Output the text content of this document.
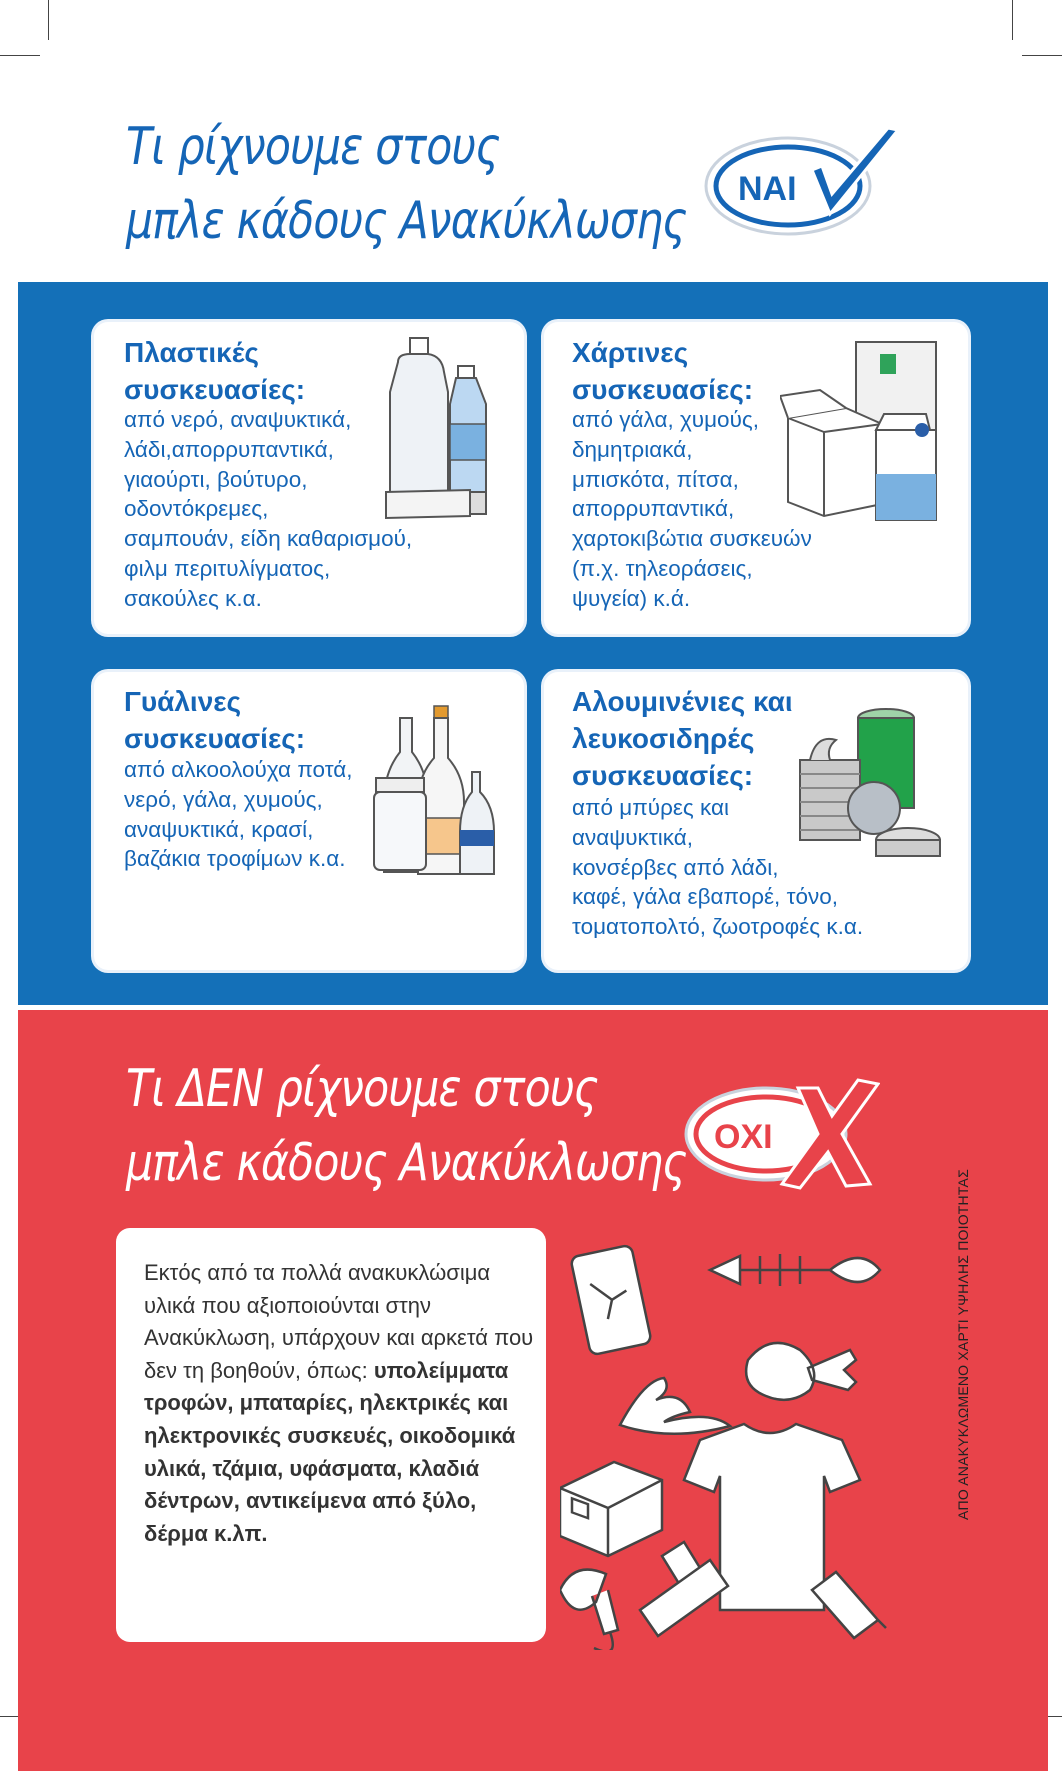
Τι ρίχνουμε στους
μπλε κάδους Ανακύκλωσης
ΝΑΙ
Πλαστικές
συσκευασίες:
από νερό, αναψυκτικά,
λάδι,απορρυπαντικά,
γιαούρτι, βούτυρο,
οδοντόκρεμες,
σαμπουάν, είδη καθαρισμού,
φιλμ περιτυλίγματος,
σακούλες κ.α.
Χάρτινες
συσκευασίες:
από γάλα, χυμούς,
δημητριακά,
μπισκότα, πίτσα,
απορρυπαντικά,
χαρτοκιβώτια συσκευών
(π.χ. τηλεοράσεις,
ψυγεία) κ.ά.
Γυάλινες
συσκευασίες:
από αλκοολούχα ποτά,
νερό, γάλα, χυμούς,
αναψυκτικά, κρασί,
βαζάκια τροφίμων κ.α.
Αλουμινένιες και
λευκοσιδηρές
συσκευασίες:
από μπύρες και
αναψυκτικά,
κονσέρβες από λάδι,
καφέ, γάλα εβαπορέ, τόνο,
τοματοπολτό, ζωοτροφές κ.α.
Τι ΔΕΝ ρίχνουμε στους
μπλε κάδους Ανακύκλωσης ΟΧΙ
Εκτός από τα πολλά ανακυκλώσιμα υλικά που αξιοποιούνται στην Ανακύκλωση, υπάρχουν και αρκετά που δεν τη βοηθούν, όπως: υπολείμματα τροφών, μπαταρίες, ηλεκτρικές και ηλεκτρονικές συσκευές, οικοδομικά υλικά, τζάμια, υφάσματα, κλαδιά δέντρων, αντικείμενα από ξύλο, δέρμα κ.λπ.
ΑΠΟ ΑΝΑΚΥΚΛΩΜΕΝΟ ΧΑΡΤΙ ΥΨΗΛΗΣ ΠΟΙΟΤΗΤΑΣ
